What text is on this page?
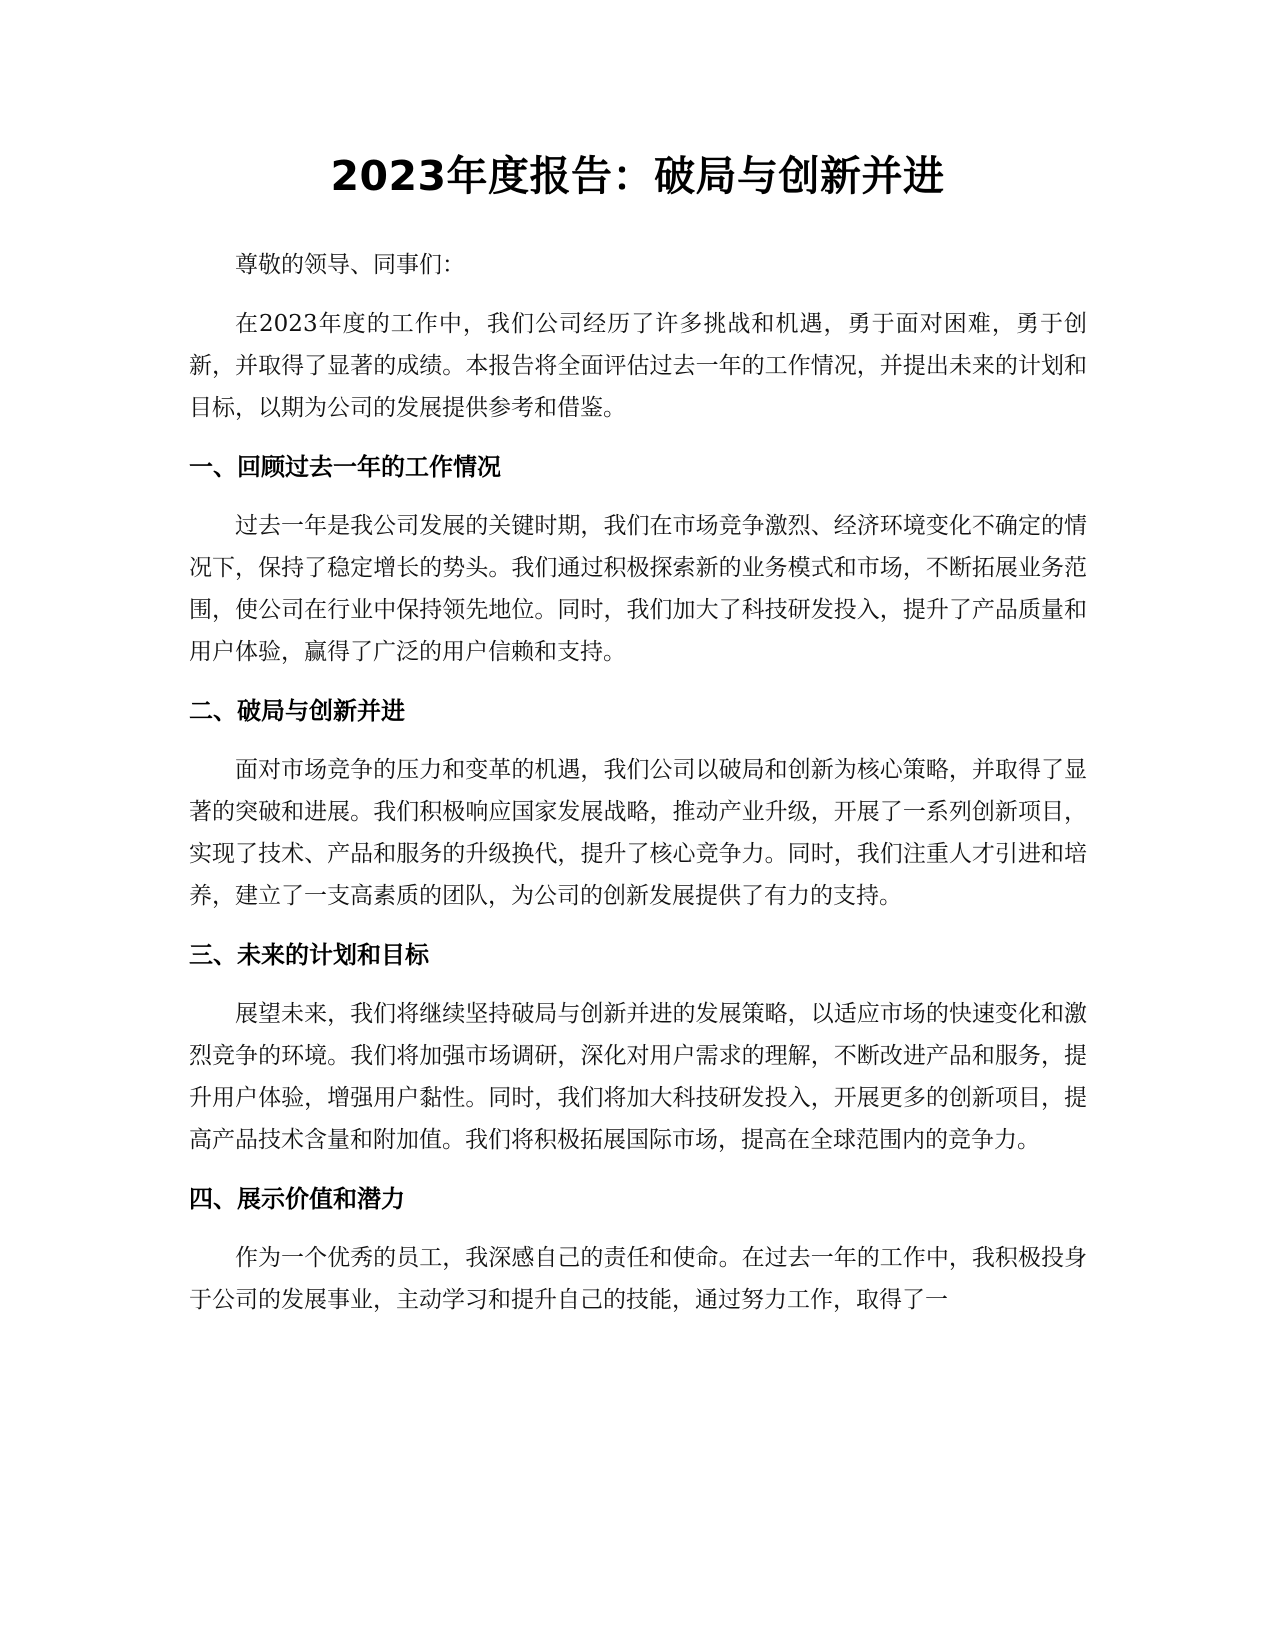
2023年度报告：破局与创新并进

尊敬的领导、同事们：

在2023年度的工作中，我们公司经历了许多挑战和机遇，勇于面对困难，勇于创新，并取得了显著的成绩。本报告将全面评估过去一年的工作情况，并提出未来的计划和目标，以期为公司的发展提供参考和借鉴。

一、回顾过去一年的工作情况

过去一年是我公司发展的关键时期，我们在市场竞争激烈、经济环境变化不确定的情况下，保持了稳定增长的势头。我们通过积极探索新的业务模式和市场，不断拓展业务范围，使公司在行业中保持领先地位。同时，我们加大了科技研发投入，提升了产品质量和用户体验，赢得了广泛的用户信赖和支持。

二、破局与创新并进

面对市场竞争的压力和变革的机遇，我们公司以破局和创新为核心策略，并取得了显著的突破和进展。我们积极响应国家发展战略，推动产业升级，开展了一系列创新项目，实现了技术、产品和服务的升级换代，提升了核心竞争力。同时，我们注重人才引进和培养，建立了一支高素质的团队，为公司的创新发展提供了有力的支持。

三、未来的计划和目标

展望未来，我们将继续坚持破局与创新并进的发展策略，以适应市场的快速变化和激烈竞争的环境。我们将加强市场调研，深化对用户需求的理解，不断改进产品和服务，提升用户体验，增强用户黏性。同时，我们将加大科技研发投入，开展更多的创新项目，提高产品技术含量和附加值。我们将积极拓展国际市场，提高在全球范围内的竞争力。

四、展示价值和潜力

作为一个优秀的员工，我深感自己的责任和使命。在过去一年的工作中，我积极投身于公司的发展事业，主动学习和提升自己的技能，通过努力工作，取得了一
